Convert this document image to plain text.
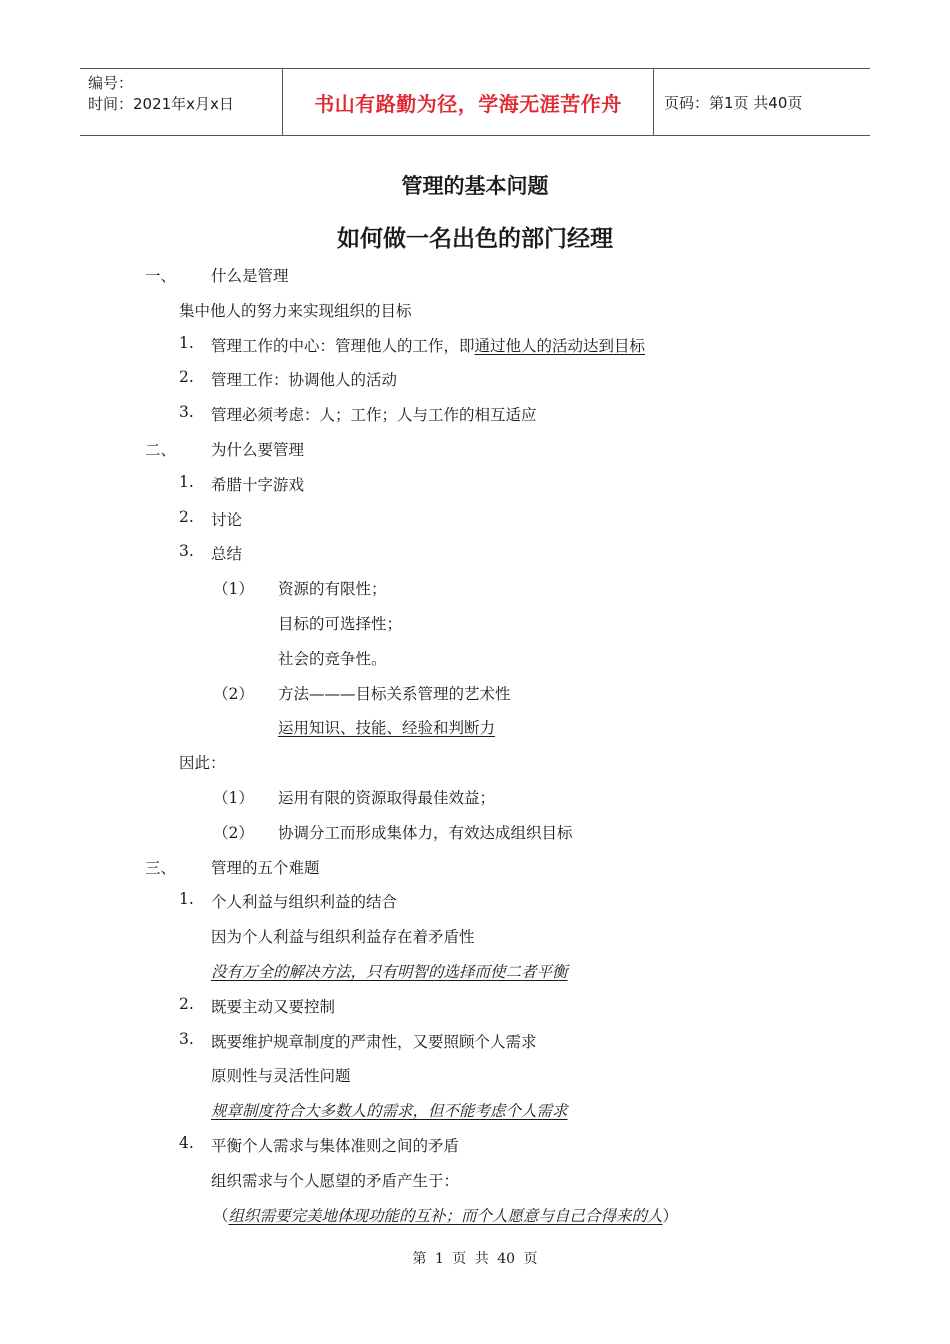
编号：
时间：2021年x月x日	书山有路勤为径，学海无涯苦作舟	页码：第1页 共40页
管理的基本问题
如何做一名出色的部门经理
一、 什么是管理
集中他人的努力来实现组织的目标
1. 管理工作的中心：管理他人的工作，即通过他人的活动达到目标
2. 管理工作：协调他人的活动
3. 管理必须考虑：人；工作；人与工作的相互适应
二、 为什么要管理
1. 希腊十字游戏
2. 讨论
3. 总结
（1） 资源的有限性；
目标的可选择性；
社会的竞争性。
（2） 方法———目标关系管理的艺术性
运用知识、技能、经验和判断力
因此：
（1） 运用有限的资源取得最佳效益；
（2） 协调分工而形成集体力，有效达成组织目标
三、 管理的五个难题
1. 个人利益与组织利益的结合
因为个人利益与组织利益存在着矛盾性
没有万全的解决方法，只有明智的选择而使二者平衡
2. 既要主动又要控制
3. 既要维护规章制度的严肃性，又要照顾个人需求
原则性与灵活性问题
规章制度符合大多数人的需求，但不能考虑个人需求
4. 平衡个人需求与集体准则之间的矛盾
组织需求与个人愿望的矛盾产生于：
（组织需要完美地体现功能的互补；而个人愿意与自己合得来的人）
第 1 页 共 40 页
